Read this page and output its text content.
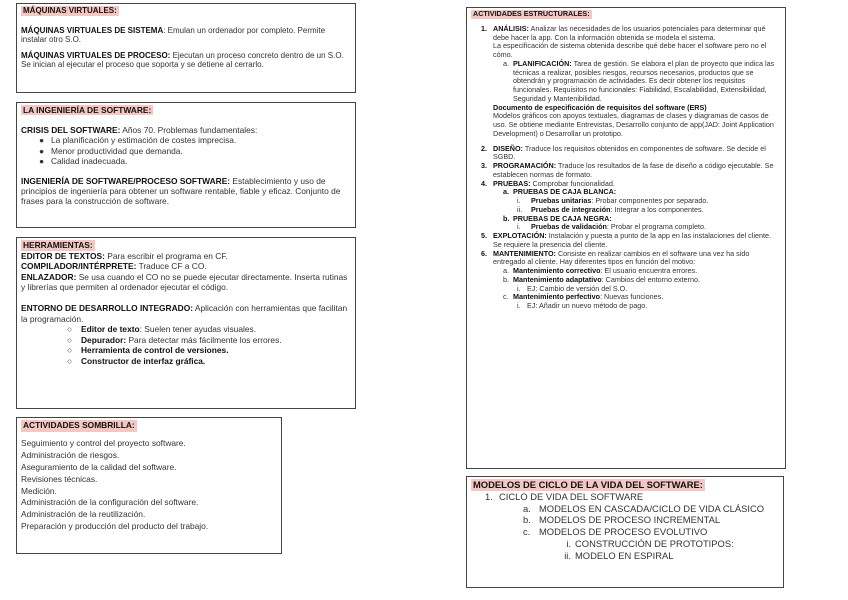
MÁQUINAS VIRTUALES:

MÁQUINAS VIRTUALES DE SISTEMA: Emulan un ordenador por completo. Permite instalar otro S.O.

MÁQUINAS VIRTUALES DE PROCESO: Ejecutan un proceso concreto dentro de un S.O. Se inician al ejecutar el proceso que soporta y se detiene al cerrarlo.

LA INGENIERÍA DE SOFTWARE:

CRISIS DEL SOFTWARE: Años 70. Problemas fundamentales:

● La planificación y estimación de costes imprecisa.
● Menor productividad que demanda.
● Calidad inadecuada.

INGENIERÍA DE SOFTWARE/PROCESO SOFTWARE: Establecimiento y uso de principios de ingeniería para obtener un software rentable, fiable y eficaz. Conjunto de frases para la construcción de software.

HERRAMIENTAS:

EDITOR DE TEXTOS: Para escribir el programa en CF.

COMPILADOR/INTÉRPRETE: Traduce CF a CO.

ENLAZADOR: Se usa cuando el CO no se puede ejecutar directamente. Inserta rutinas y librerías que permiten al ordenador ejecutar el código.

ENTORNO DE DESARROLLO INTEGRADO: Aplicación con herramientas que facilitan la programación.

○	Editor de texto: Suelen tener ayudas visuales.
○	Depurador: Para detectar más fácilmente los errores.
○	Herramienta de control de versiones.
○	Constructor de interfaz gráfica.
ACTIVIDADES SOMBRILLA:
Seguimiento y control del proyecto software.
Administración de riesgos.
Aseguramiento de la calidad del software.
Revisiones técnicas.
Medición.
Administración de la configuración del software.
Administración de la reutilización.
Preparación y producción del producto del trabajo.
ACTIVIDADES ESTRUCTURALES:
1. ANÁLISIS: Analizar las necesidades de los usuarios potenciales para determinar qué debe hacer la app. Con la información obtenida se modela el sistema.
La especificación de sistema obtenida describe qué debe hacer el software pero no el cómo.
a. PLANIFICACIÓN: Tarea de gestión. Se elabora el plan de proyecto que indica las técnicas a realizar, posibles riesgos, recursos necesarios, productos que se obtendrán y programación de actividades. Es decir obtener los requisitos funcionales. Requisitos no funcionales: Fiabilidad, Escalabilidad, Extensibilidad, Seguridad y Mantenibilidad.
Documento de especificación de requisitos del software (ERS)
Modelos gráficos con apoyos textuales, diagramas de clases y diagramas de casos de uso. Se obtiene mediante Entrevistas, Desarrollo conjunto de app(JAD: Joint Application Development) o Desarrollar un prototipo.
2. DISEÑO: Traduce los requisitos obtenidos en componentes de software. Se decide el SGBD.
3. PROGRAMACIÓN: Traduce los resultados de la fase de diseño a código ejecutable. Se establecen normas de formato.
4. PRUEBAS: Comprobar funcionalidad.
a. PRUEBAS DE CAJA BLANCA:
i.	Pruebas unitarias: Probar componentes por separado.
ii.	Pruebas de integración: Integrar a los componentes.
b. PRUEBAS DE CAJA NEGRA:
i.	Pruebas de validación: Probar el programa completo.
5. EXPLOTACIÓN: Instalación y puesta a punto de la app en las instalaciones del cliente. Se requiere la presencia del cliente.
6. MANTENIMIENTO: Consiste en realizar cambios en el software una vez ha sido entregado al cliente. Hay diferentes tipos en función del motivo:
a. Mantenimiento correctivo: El usuario encuentra errores.
b. Mantenimiento adaptativo: Cambios del entorno externo.
i. EJ: Cambio de versión del S.O.
c. Mantenimiento perfectivo: Nuevas funciones.
i. EJ: Añadir un nuevo método de pago.
MODELOS DE CICLO DE LA VIDA DEL SOFTWARE:
1. CICLO DE VIDA DEL SOFTWARE
a. MODELOS EN CASCADA/CICLO DE VIDA CLÁSICO
b. MODELOS DE PROCESO INCREMENTAL
c. MODELOS DE PROCESO EVOLUTIVO
i. CONSTRUCCIÓN DE PROTOTIPOS:
ii. MODELO EN ESPIRAL
